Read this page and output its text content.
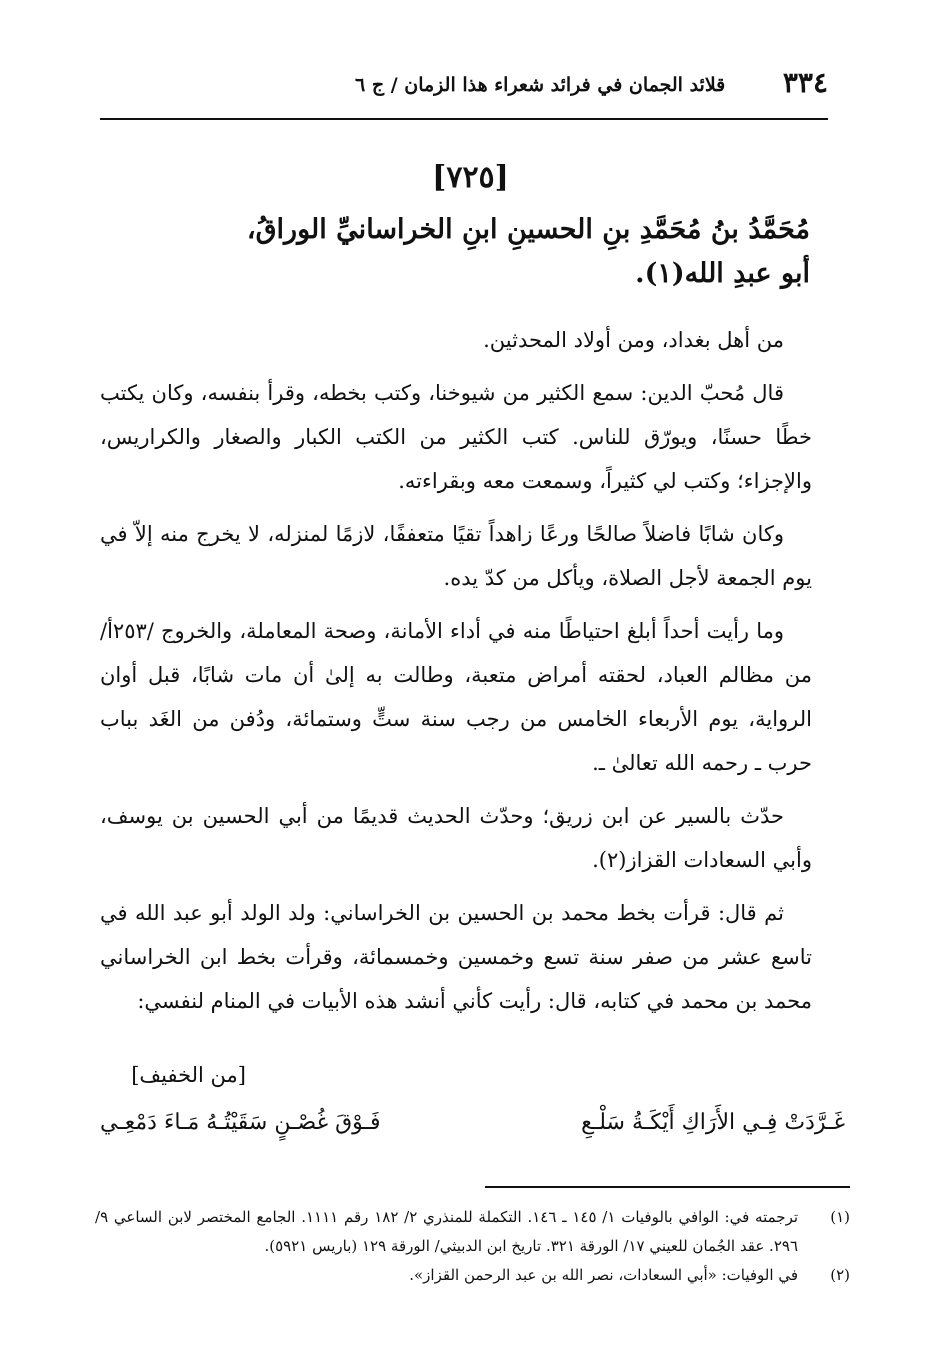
٣٣٤
قلائد الجمان في فرائد شعراء هذا الزمان / ج ٦
[٧٢٥]
مُحَمَّدُ بنُ مُحَمَّدِ بنِ الحسينِ ابنِ الخراسانيِّ الوراقُ،
أبو عبدِ الله(١).

من أهل بغداد، ومن أولاد المحدثين.

قال مُحبّ الدين: سمع الكثير من شيوخنا، وكتب بخطه، وقرأ بنفسه، وكان يكتب خطًا حسنًا، ويورّق للناس. كتب الكثير من الكتب الكبار والصغار والكراريس، والإجزاء؛ وكتب لي كثيراً، وسمعت معه وبقراءته.

وكان شابًا فاضلاً صالحًا ورعًا زاهداً تقيًا متعففًا، لازمًا لمنزله، لا يخرج منه إلاّ في يوم الجمعة لأجل الصلاة، ويأكل من كدّ يده.

وما رأيت أحداً أبلغ احتياطًا منه في أداء الأمانة، وصحة المعاملة، والخروج /٢٥٣أ/ من مظالم العباد، لحقته أمراض متعبة، وطالت به إلىٰ أن مات شابًا، قبل أوان الرواية، يوم الأربعاء الخامس من رجب سنة ستٍّ وستمائة، ودُفن من الغَد بباب حرب ـ رحمه الله تعالىٰ ـ.

حدّث بالسير عن ابن زريق؛ وحدّث الحديث قديمًا من أبي الحسين بن يوسف، وأبي السعادات القزاز(٢).

ثم قال: قرأت بخط محمد بن الحسين بن الخراساني: ولد الولد أبو عبد الله في تاسع عشر من صفر سنة تسع وخمسين وخمسمائة، وقرأت بخط ابن الخراساني محمد بن محمد في كتابه، قال: رأيت كأني أنشد هذه الأبيات في المنام لنفسي:

[من الخفيف]
غَـرَّدَتْ فِـي الأَرَاكِ أَيْكَـةُ سَلْـعِ
فَـوْقَ غُصْـنٍ سَقَيْتُـهُ مَـاءَ دَمْعِـي

(١)
ترجمته في: الوافي بالوفيات ١/ ١٤٥ ـ ١٤٦. التكملة للمنذري ٢/ ١٨٢ رقم ١١١١. الجامع المختصر لابن الساعي ٩/ ٢٩٦. عقد الجُمان للعيني ١٧/ الورقة ٣٢١. تاريخ ابن الدبيثي/ الورقة ١٢٩ (باريس ٥٩٢١).

(٢)
في الوفيات: «أبي السعادات، نصر الله بن عبد الرحمن القزاز».
